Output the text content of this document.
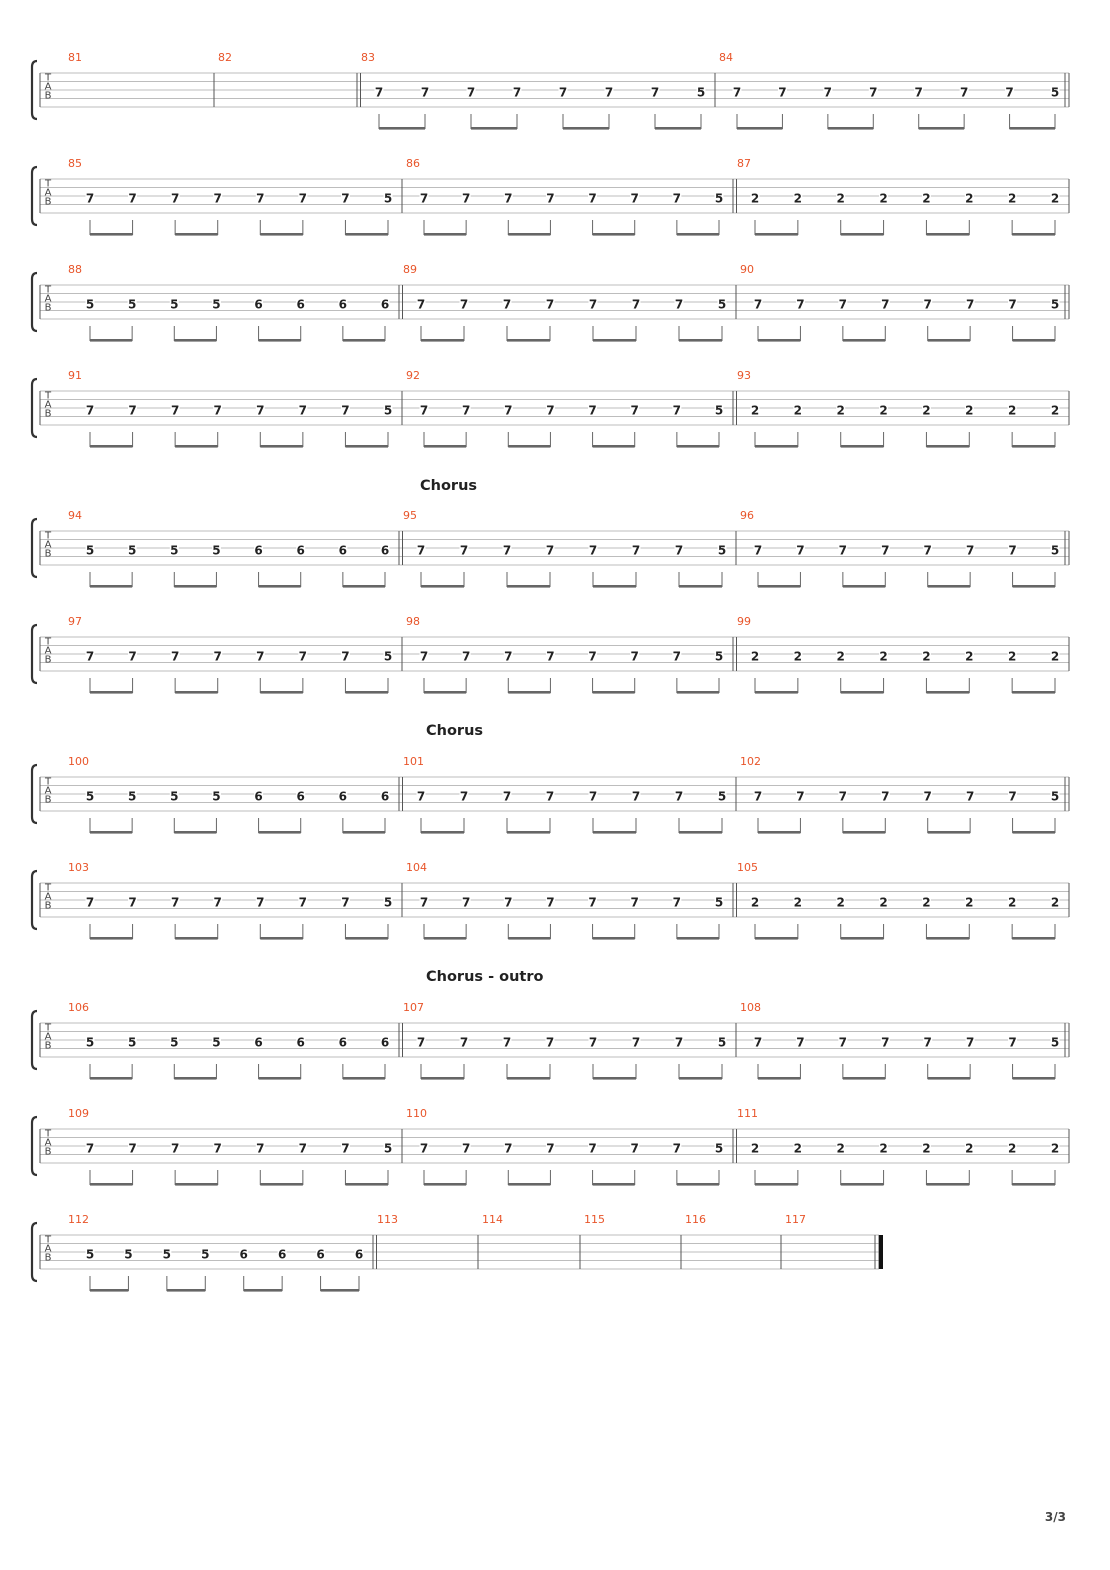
T
A
B
81	82	83
7	7	7	7	7	7	7	5
84
7	7	7	7	7	7	7	5
T
A
B
85
7	7	7	7	7	7	7	5
86
7	7	7	7	7	7	7	5
87
2	2	2	2	2	2	2	2
T
A
B
88
5	5	5	5	6	6	6	6
89
7	7	7	7	7	7	7	5
90
7	7	7	7	7	7	7	5
T
A
B
91
7	7	7	7	7	7	7	5
92
7	7	7	7	7	7	7	5
93
2	2	2	2	2	2	2	2
T
A
B
94
5	5	5	5	6	6	6	6
95
7	7	7	7	7	7	7	5
96
7	7	7	7	7	7	7	5
T
A
B
97
7	7	7	7	7	7	7	5
98
7	7	7	7	7	7	7	5
99
2	2	2	2	2	2	2	2
T
A
B
100
5	5	5	5	6	6	6	6
101
7	7	7	7	7	7	7	5
102
7	7	7	7	7	7	7	5
T
A
B
103
7	7	7	7	7	7	7	5
104
7	7	7	7	7	7	7	5
105
2	2	2	2	2	2	2	2
T
A
B
106
5	5	5	5	6	6	6	6
107
7	7	7	7	7	7	7	5
108
7	7	7	7	7	7	7	5
T
A
B
109
7	7	7	7	7	7	7	5
110
7	7	7	7	7	7	7	5
111
2	2	2	2	2	2	2	2
T
A
B
112
5	5	5	5	6	6	6	6
113	114	115	116	117
Chorus
Chorus
Chorus - outro
3/3
